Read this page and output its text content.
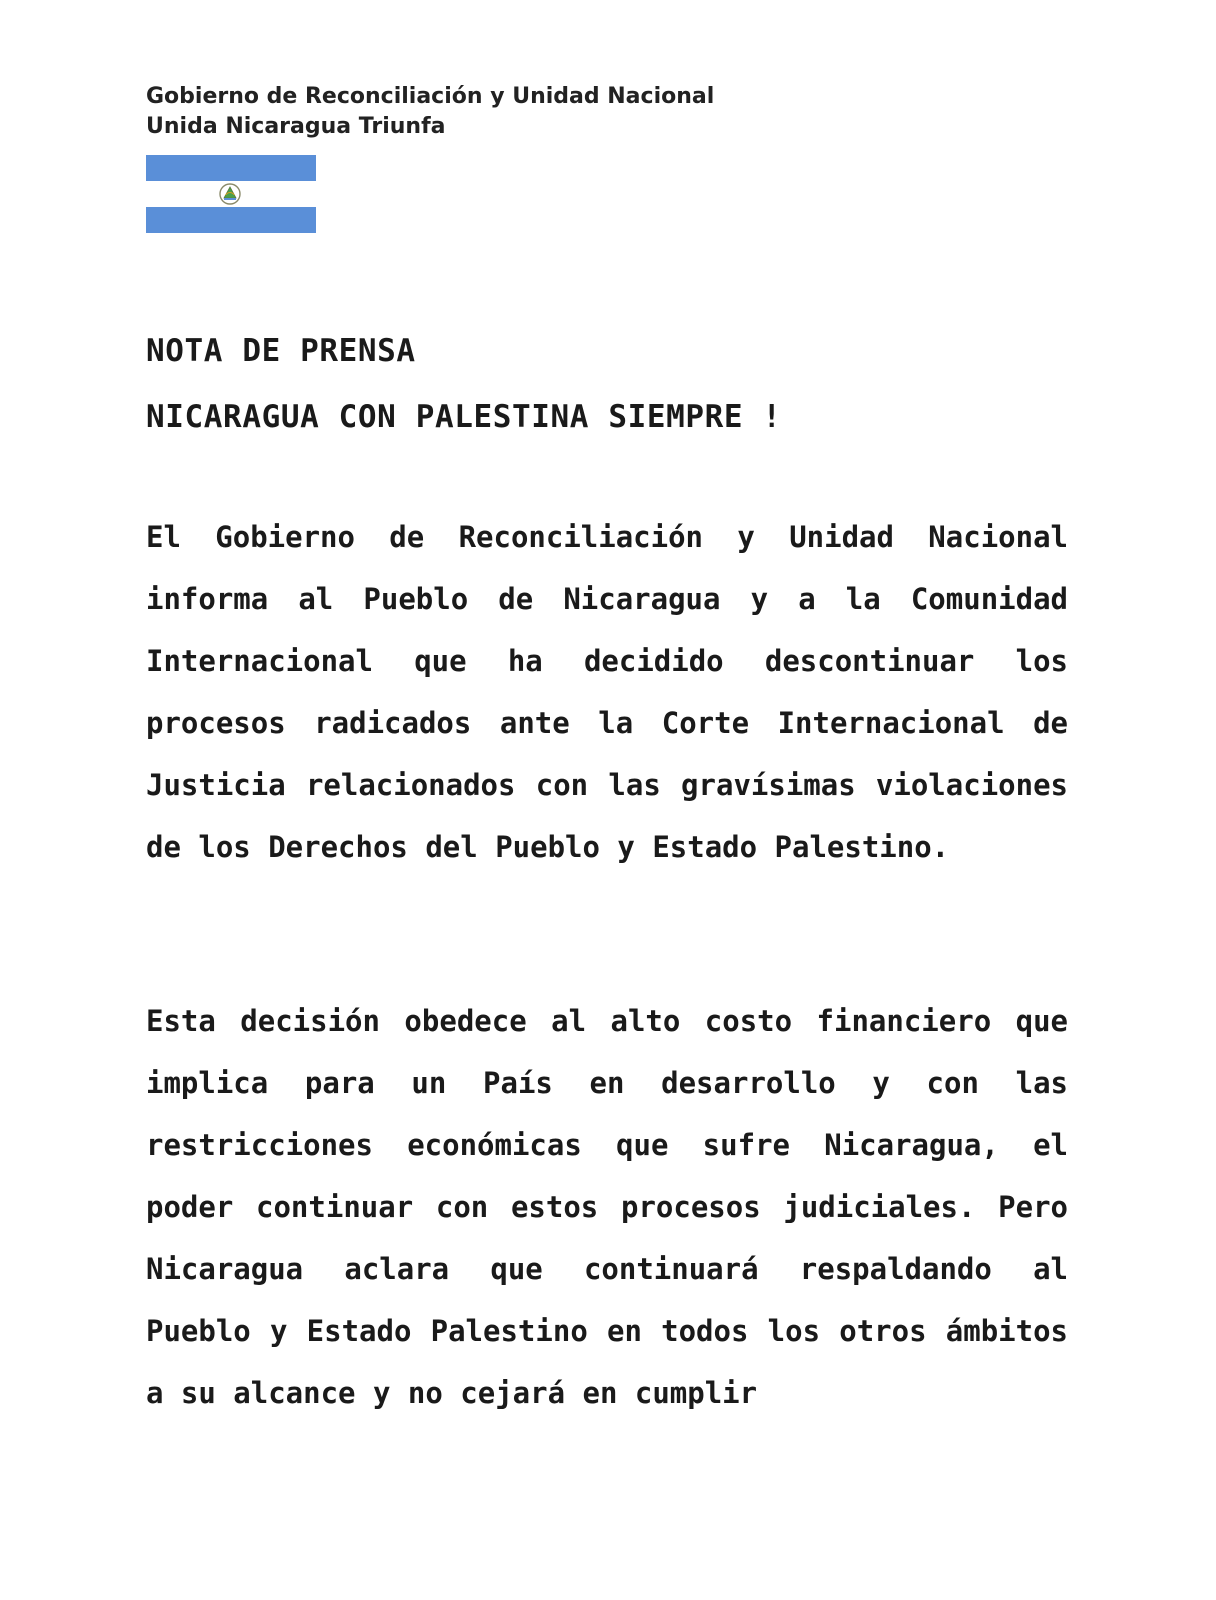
Gobierno de Reconciliación y Unidad Nacional
Unida Nicaragua Triunfa
NOTA DE PRENSA
NICARAGUA CON PALESTINA SIEMPRE !
El Gobierno de Reconciliación y Unidad Nacional informa al Pueblo de Nicaragua y a la Comunidad Internacional que ha decidido descontinuar los procesos radicados ante la Corte Internacional de Justicia relacionados con las gravísimas violaciones de los Derechos del Pueblo y Estado Palestino.
Esta decisión obedece al alto costo financiero que implica para un País en desarrollo y con las restricciones económicas que sufre Nicaragua, el poder continuar con estos procesos judiciales. Pero Nicaragua aclara que continuará respaldando al Pueblo y Estado Palestino en todos los otros ámbitos a su alcance y no cejará en cumplir
